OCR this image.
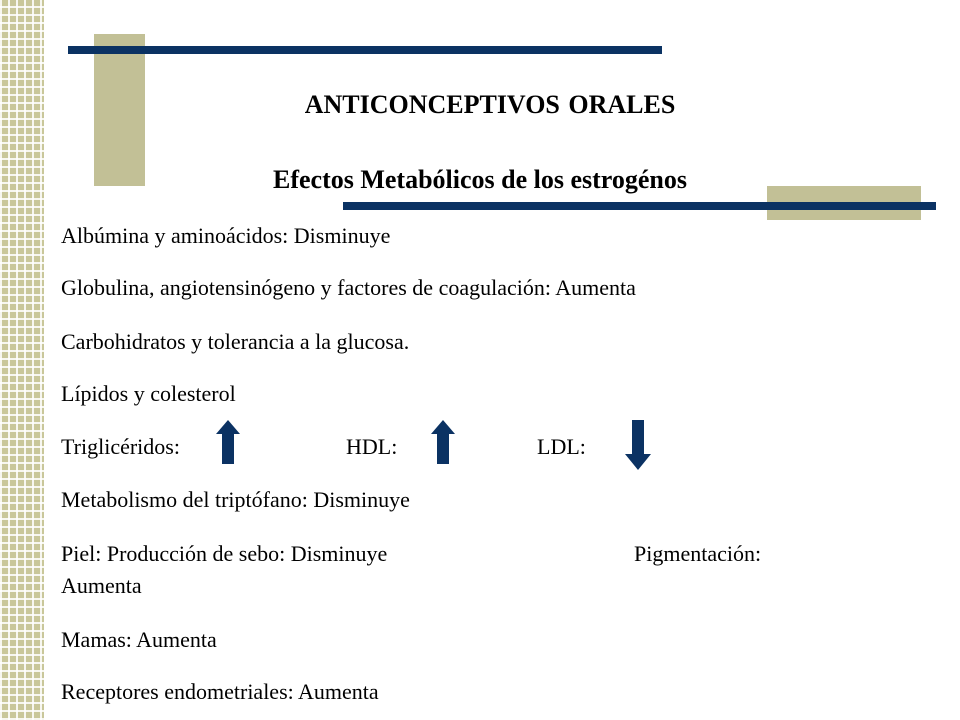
ANTICONCEPTIVOS ORALES
Efectos Metabólicos de los estrogénos
Albúmina y aminoácidos: Disminuye
Globulina, angiotensinógeno y factores de coagulación: Aumenta
Carbohidratos y tolerancia a la glucosa.
Lípidos y colesterol
Triglicéridos:	HDL:	LDL:
Metabolismo del triptófano: Disminuye
Piel: Producción de sebo: Disminuye	Pigmentación:
Aumenta
Mamas: Aumenta
Receptores endometriales: Aumenta
